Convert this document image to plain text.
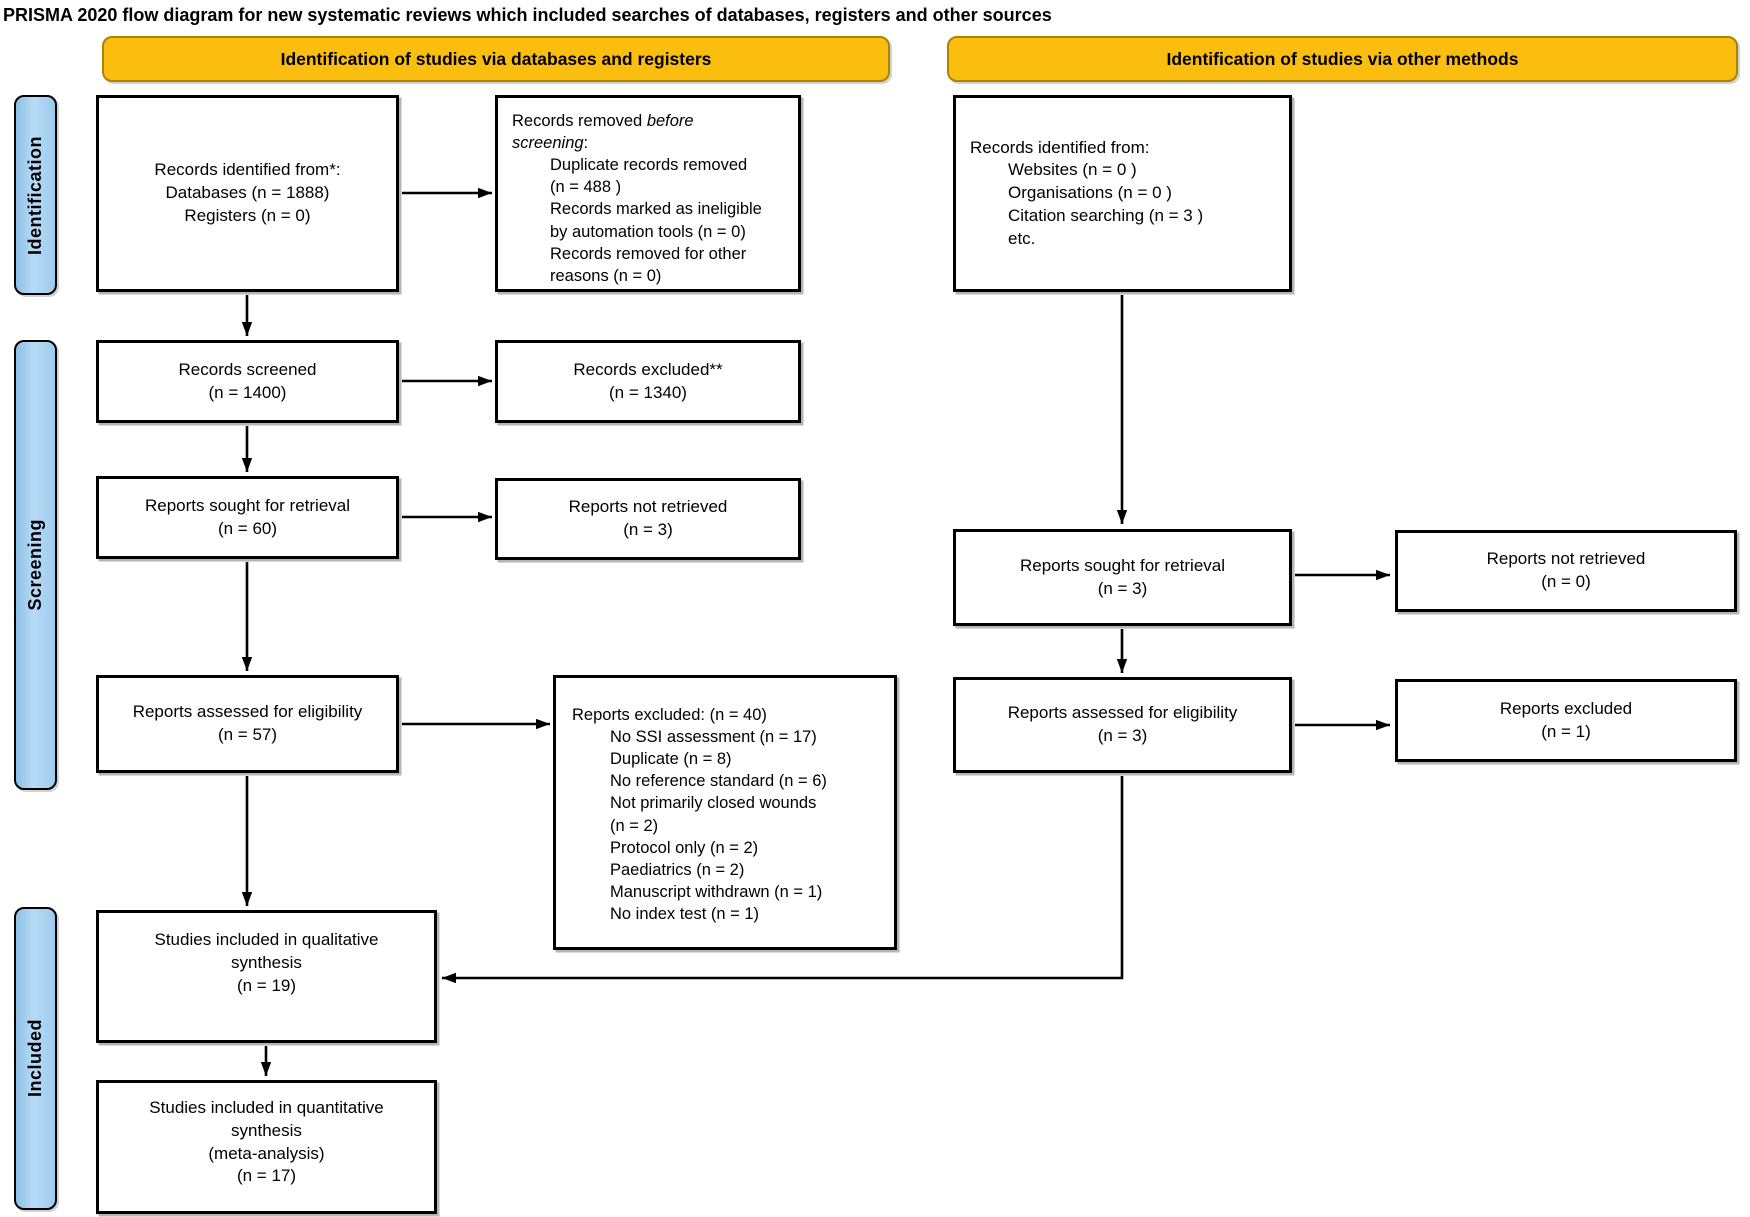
PRISMA 2020 flow diagram for new systematic reviews which included searches of databases, registers and other sources
Identification of studies via databases and registers	Identification of studies via other methods
Identification
Screening
Included
Records identified from*:
Databases (n = 1888)
Registers (n = 0)
Records removed before
screening:
Duplicate records removed
(n = 488 )
Records marked as ineligible
by automation tools (n = 0)
Records removed for other
reasons (n = 0)
Records identified from:
Websites (n = 0 )
Organisations (n = 0 )
Citation searching (n = 3 )
etc.
Records screened
(n = 1400)
Records excluded**
(n = 1340)
Reports sought for retrieval
(n = 60)
Reports not retrieved
(n = 3)
Reports assessed for eligibility
(n = 57)
Reports excluded: (n = 40)
No SSI assessment (n = 17)
Duplicate (n = 8)
No reference standard (n = 6)
Not primarily closed wounds
(n = 2)
Protocol only (n = 2)
Paediatrics (n = 2)
Manuscript withdrawn (n = 1)
No index test (n = 1)
Reports sought for retrieval
(n = 3)
Reports not retrieved
(n = 0)
Reports assessed for eligibility
(n = 3)
Reports excluded
(n = 1)
Studies included in qualitative
synthesis
(n = 19)
Studies included in quantitative
synthesis
(meta-analysis)
(n = 17)
